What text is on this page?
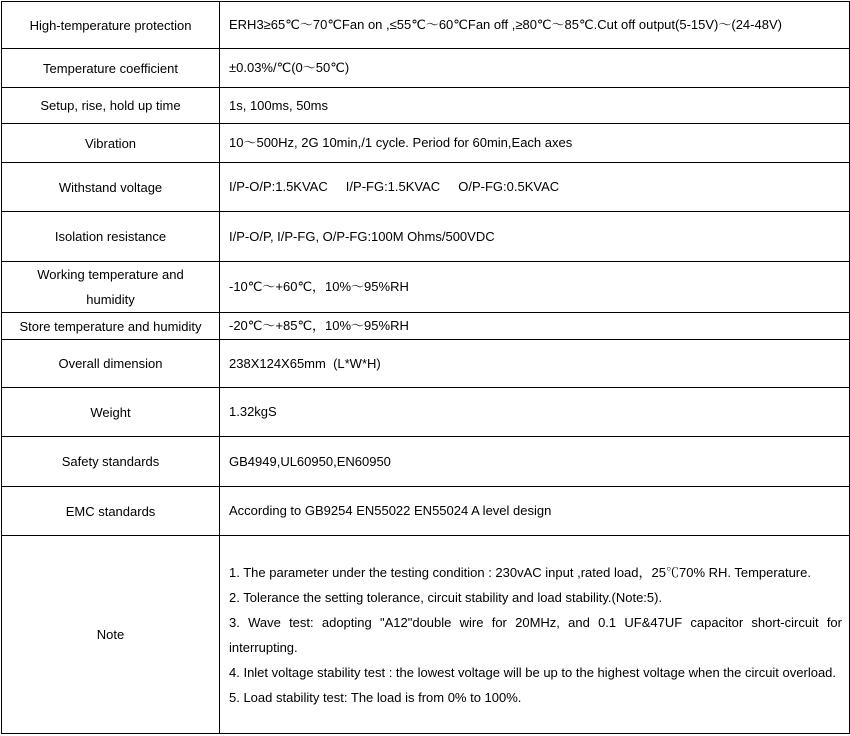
High-temperature protection	ERH3≥65℃～70℃Fan on ,≤55℃～60℃Fan off ,≥80℃～85℃.Cut off output(5-15V)～(24-48V)
Temperature coefficient	±0.03%/℃(0～50℃)
Setup, rise, hold up time	1s, 100ms, 50ms
Vibration	10～500Hz, 2G 10min,/1 cycle. Period for 60min,Each axes
Withstand voltage	I/P-O/P:1.5KVAC     I/P-FG:1.5KVAC     O/P-FG:0.5KVAC
Isolation resistance	I/P-O/P, I/P-FG, O/P-FG:100M Ohms/500VDC
Working temperature and humidity	-10℃～+60℃，10%～95%RH
Store temperature and humidity	-20℃～+85℃，10%～95%RH
Overall dimension	238X124X65mm  (L*W*H)
Weight	1.32kgS
Safety standards	GB4949,UL60950,EN60950
EMC standards	According to GB9254 EN55022 EN55024 A level design
Note	1. The parameter under the testing condition : 230vAC input ,rated load，25℃70% RH. Temperature.
2. Tolerance the setting tolerance, circuit stability and load stability.(Note:5).
3. Wave test: adopting "A12"double wire for 20MHz, and 0.1 UF&47UF capacitor short-circuit for interrupting.
4. Inlet voltage stability test : the lowest voltage will be up to the highest voltage when the circuit overload.
5. Load stability test: The load is from 0% to 100%.
